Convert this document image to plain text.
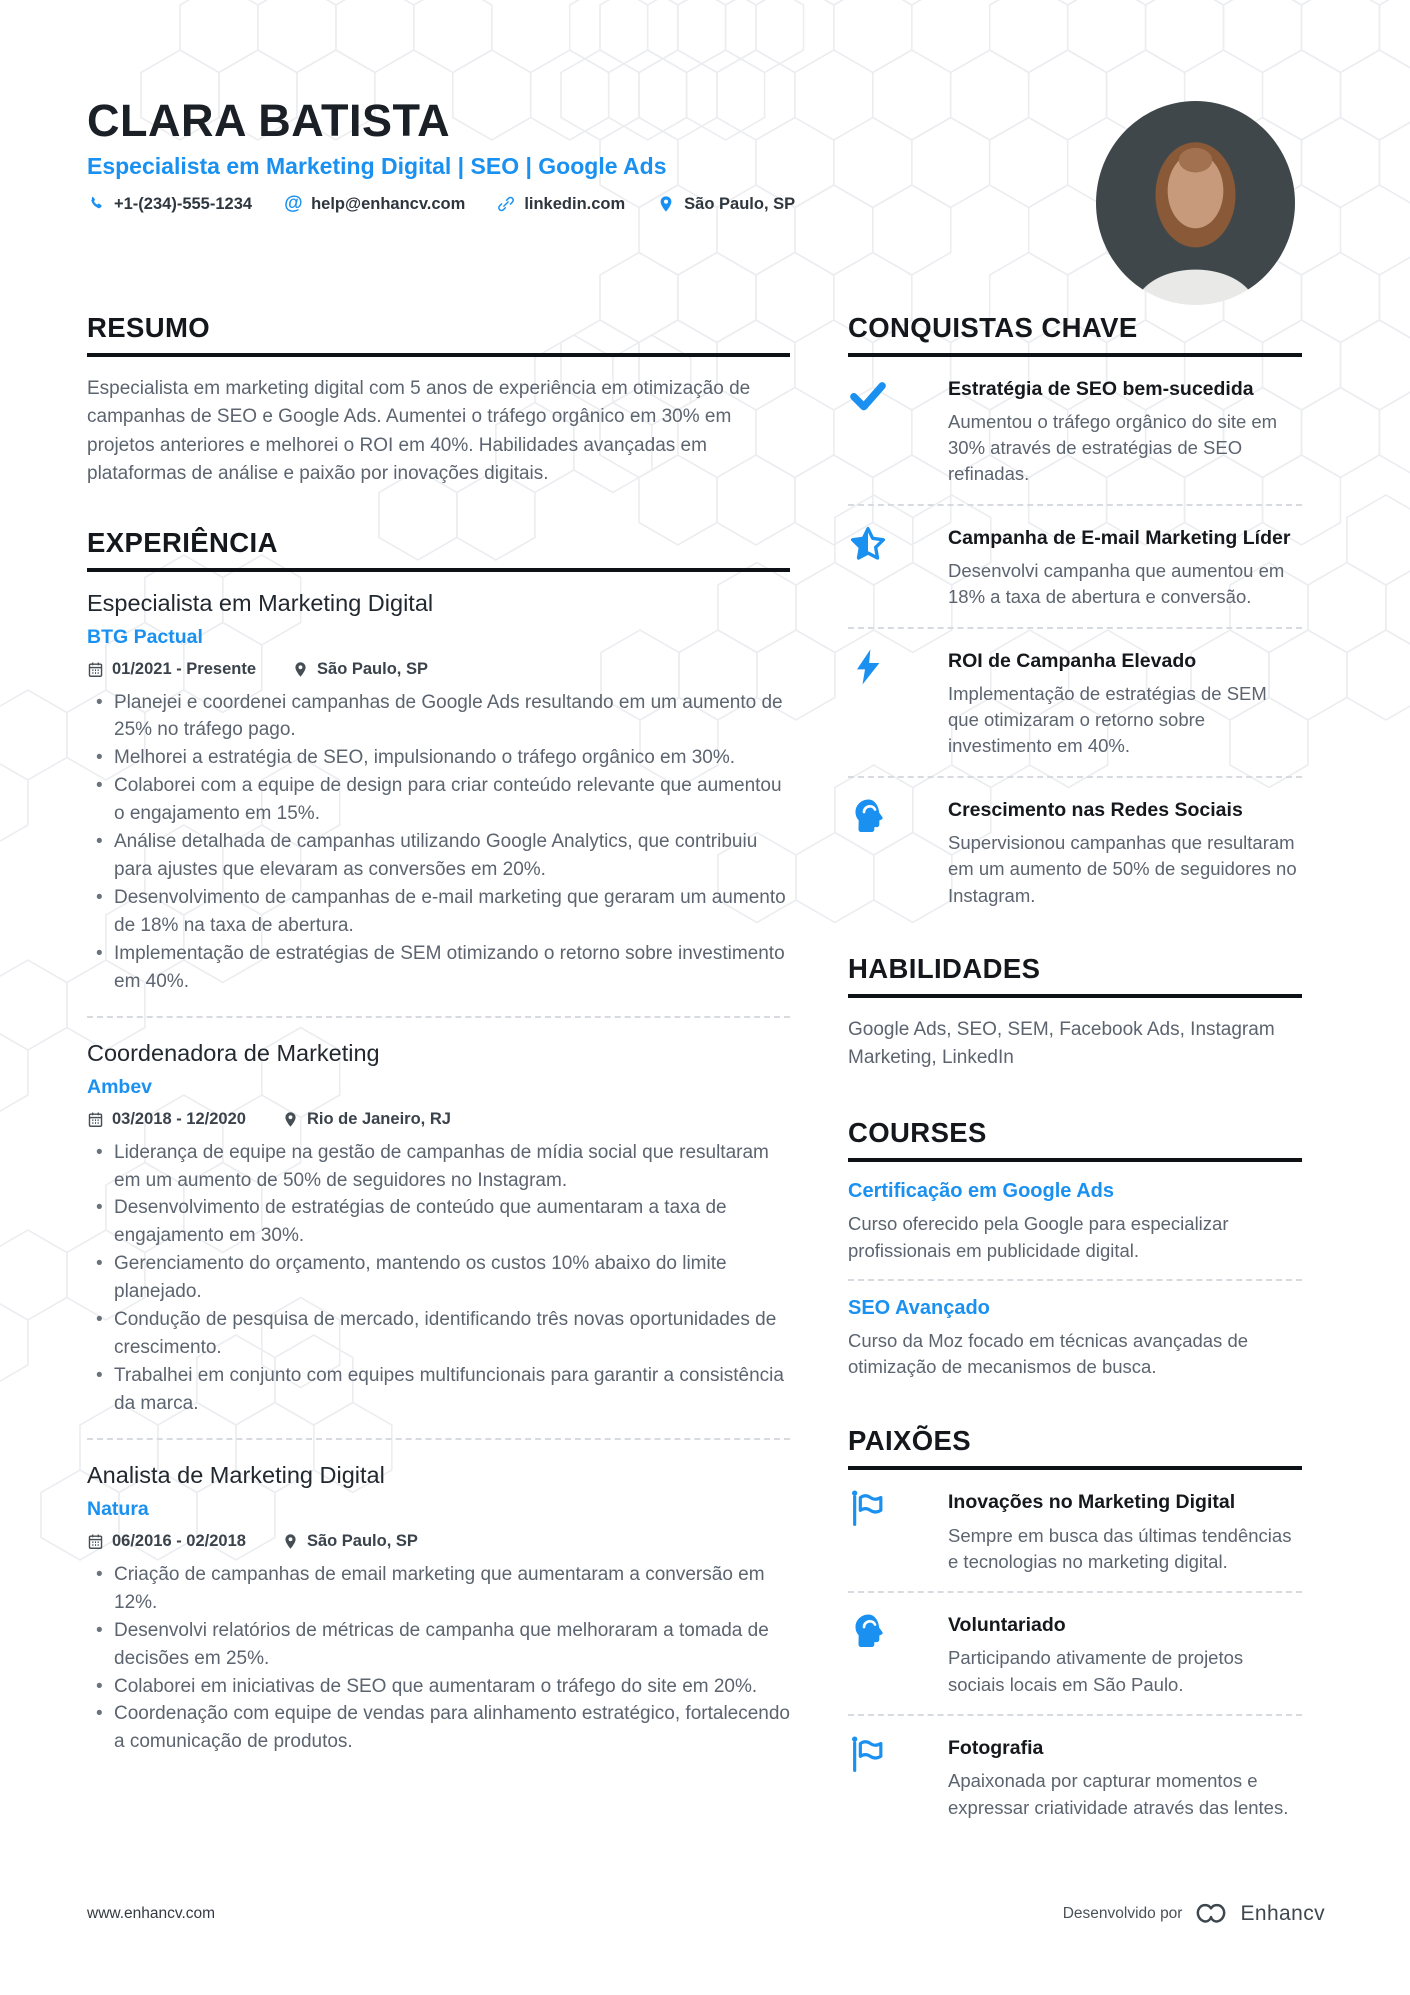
CLARA BATISTA
Especialista em Marketing Digital | SEO | Google Ads
+1-(234)-555-1234 @ help@enhancv.com	linkedin.com	São Paulo, SP
RESUMO

Especialista em marketing digital com 5 anos de experiência em otimização de campanhas de SEO e Google Ads. Aumentei o tráfego orgânico em 30% em projetos anteriores e melhorei o ROI em 40%. Habilidades avançadas em plataformas de análise e paixão por inovações digitais.

EXPERIÊNCIA
Especialista em Marketing Digital
BTG Pactual
01/2021 - Presente	São Paulo, SP
• Planejei e coordenei campanhas de Google Ads resultando em um aumento de 25% no tráfego pago.
• Melhorei a estratégia de SEO, impulsionando o tráfego orgânico em 30%.
• Colaborei com a equipe de design para criar conteúdo relevante que aumentou o engajamento em 15%.
• Análise detalhada de campanhas utilizando Google Analytics, que contribuiu para ajustes que elevaram as conversões em 20%.
• Desenvolvimento de campanhas de e-mail marketing que geraram um aumento de 18% na taxa de abertura.
• Implementação de estratégias de SEM otimizando o retorno sobre investimento em 40%.
Coordenadora de Marketing
Ambev
03/2018 - 12/2020	Rio de Janeiro, RJ
• Liderança de equipe na gestão de campanhas de mídia social que resultaram em um aumento de 50% de seguidores no Instagram.
• Desenvolvimento de estratégias de conteúdo que aumentaram a taxa de engajamento em 30%.
• Gerenciamento do orçamento, mantendo os custos 10% abaixo do limite planejado.
• Condução de pesquisa de mercado, identificando três novas oportunidades de crescimento.
• Trabalhei em conjunto com equipes multifuncionais para garantir a consistência da marca.
Analista de Marketing Digital
Natura
06/2016 - 02/2018	São Paulo, SP
• Criação de campanhas de email marketing que aumentaram a conversão em 12%.
• Desenvolvi relatórios de métricas de campanha que melhoraram a tomada de decisões em 25%.
• Colaborei em iniciativas de SEO que aumentaram o tráfego do site em 20%.
• Coordenação com equipe de vendas para alinhamento estratégico, fortalecendo a comunicação de produtos.
CONQUISTAS CHAVE
Estratégia de SEO bem-sucedida
Aumentou o tráfego orgânico do site em 30% através de estratégias de SEO refinadas.
Campanha de E-mail Marketing Líder
Desenvolvi campanha que aumentou em 18% a taxa de abertura e conversão.
ROI de Campanha Elevado
Implementação de estratégias de SEM que otimizaram o retorno sobre investimento em 40%.
Crescimento nas Redes Sociais
Supervisionou campanhas que resultaram em um aumento de 50% de seguidores no Instagram.
HABILIDADES

Google Ads, SEO, SEM, Facebook Ads, Instagram Marketing, LinkedIn

COURSES
Certificação em Google Ads
Curso oferecido pela Google para especializar profissionais em publicidade digital.
SEO Avançado
Curso da Moz focado em técnicas avançadas de otimização de mecanismos de busca.
PAIXÕES
Inovações no Marketing Digital
Sempre em busca das últimas tendências e tecnologias no marketing digital.
Voluntariado
Participando ativamente de projetos sociais locais em São Paulo.
Fotografia
Apaixonada por capturar momentos e expressar criatividade através das lentes.
www.enhancv.com	Desenvolvido por	Enhancv
